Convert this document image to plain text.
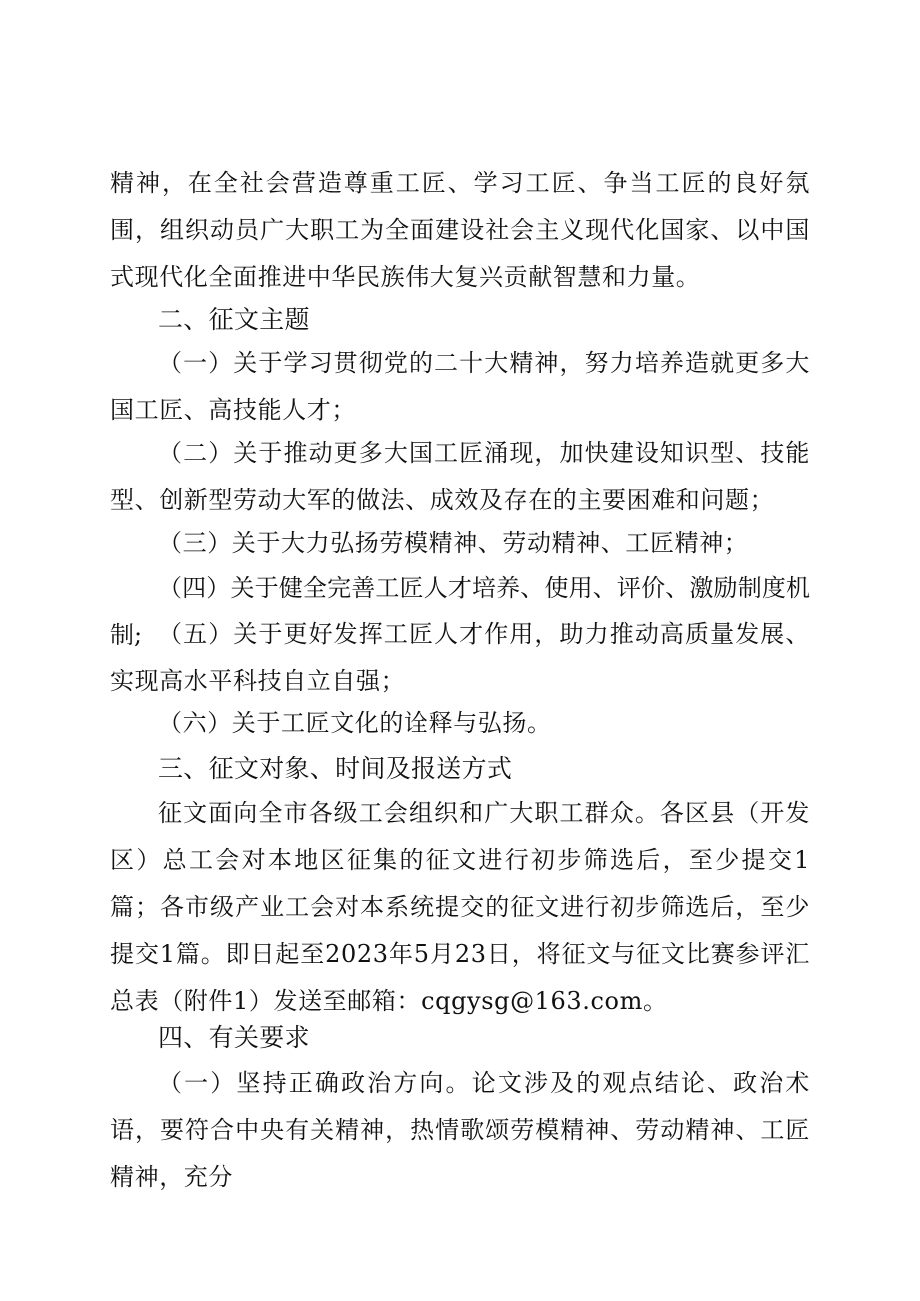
精神，在全社会营造尊重工匠、学习工匠、争当工匠的良好氛围，组织动员广大职工为全面建设社会主义现代化国家、以中国式现代化全面推进中华民族伟大复兴贡献智慧和力量。

二、征文主题

（一）关于学习贯彻党的二十大精神，努力培养造就更多大国工匠、高技能人才；

（二）关于推动更多大国工匠涌现，加快建设知识型、技能型、创新型劳动大军的做法、成效及存在的主要困难和问题；

（三）关于大力弘扬劳模精神、劳动精神、工匠精神；

（四）关于健全完善工匠人才培养、使用、评价、激励制度机制; （五）关于更好发挥工匠人才作用，助力推动高质量发展、实现高水平科技自立自强；

（六）关于工匠文化的诠释与弘扬。

三、征文对象、时间及报送方式

征文面向全市各级工会组织和广大职工群众。各区县（开发区）总工会对本地区征集的征文进行初步筛选后，至少提交1篇；各市级产业工会对本系统提交的征文进行初步筛选后，至少提交1篇。即日起至2023年5月23日，将征文与征文比赛参评汇总表（附件1）发送至邮箱：cqgysg@163.com。

四、有关要求

（一）坚持正确政治方向。论文涉及的观点结论、政治术语，要符合中央有关精神，热情歌颂劳模精神、劳动精神、工匠精神，充分
